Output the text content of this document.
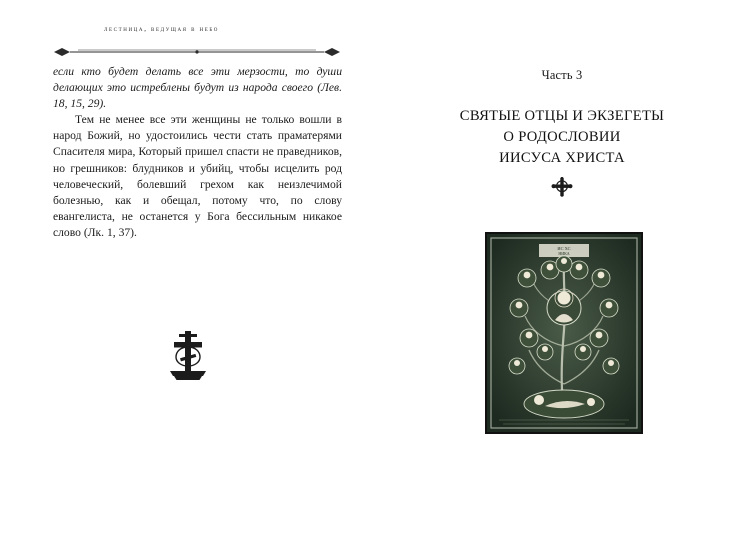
лестница, ведущая в небо

если кто будет делать все эти мерзости, то души делающих это истреблены будут из народа своего (Лев. 18, 15, 29).

Тем не менее все эти женщины не только вошли в народ Божий, но удостоились чести стать праматерями Спасителя мира, Который пришел спасти не праведников, но грешников: блудников и убийц, чтобы исцелить род человеческий, болевший грехом как неизлечимой болезнью, как и обещал, потому что, по слову евангелиста, не останется у Бога бессильным никакое слово (Лк. 1, 37).

Часть 3
СВЯТЫЕ ОТЦЫ И ЭКЗЕГЕТЫ
О РОДОСЛОВИИ
ИИСУСА ХРИСТА
ИС ХС
НИКА
